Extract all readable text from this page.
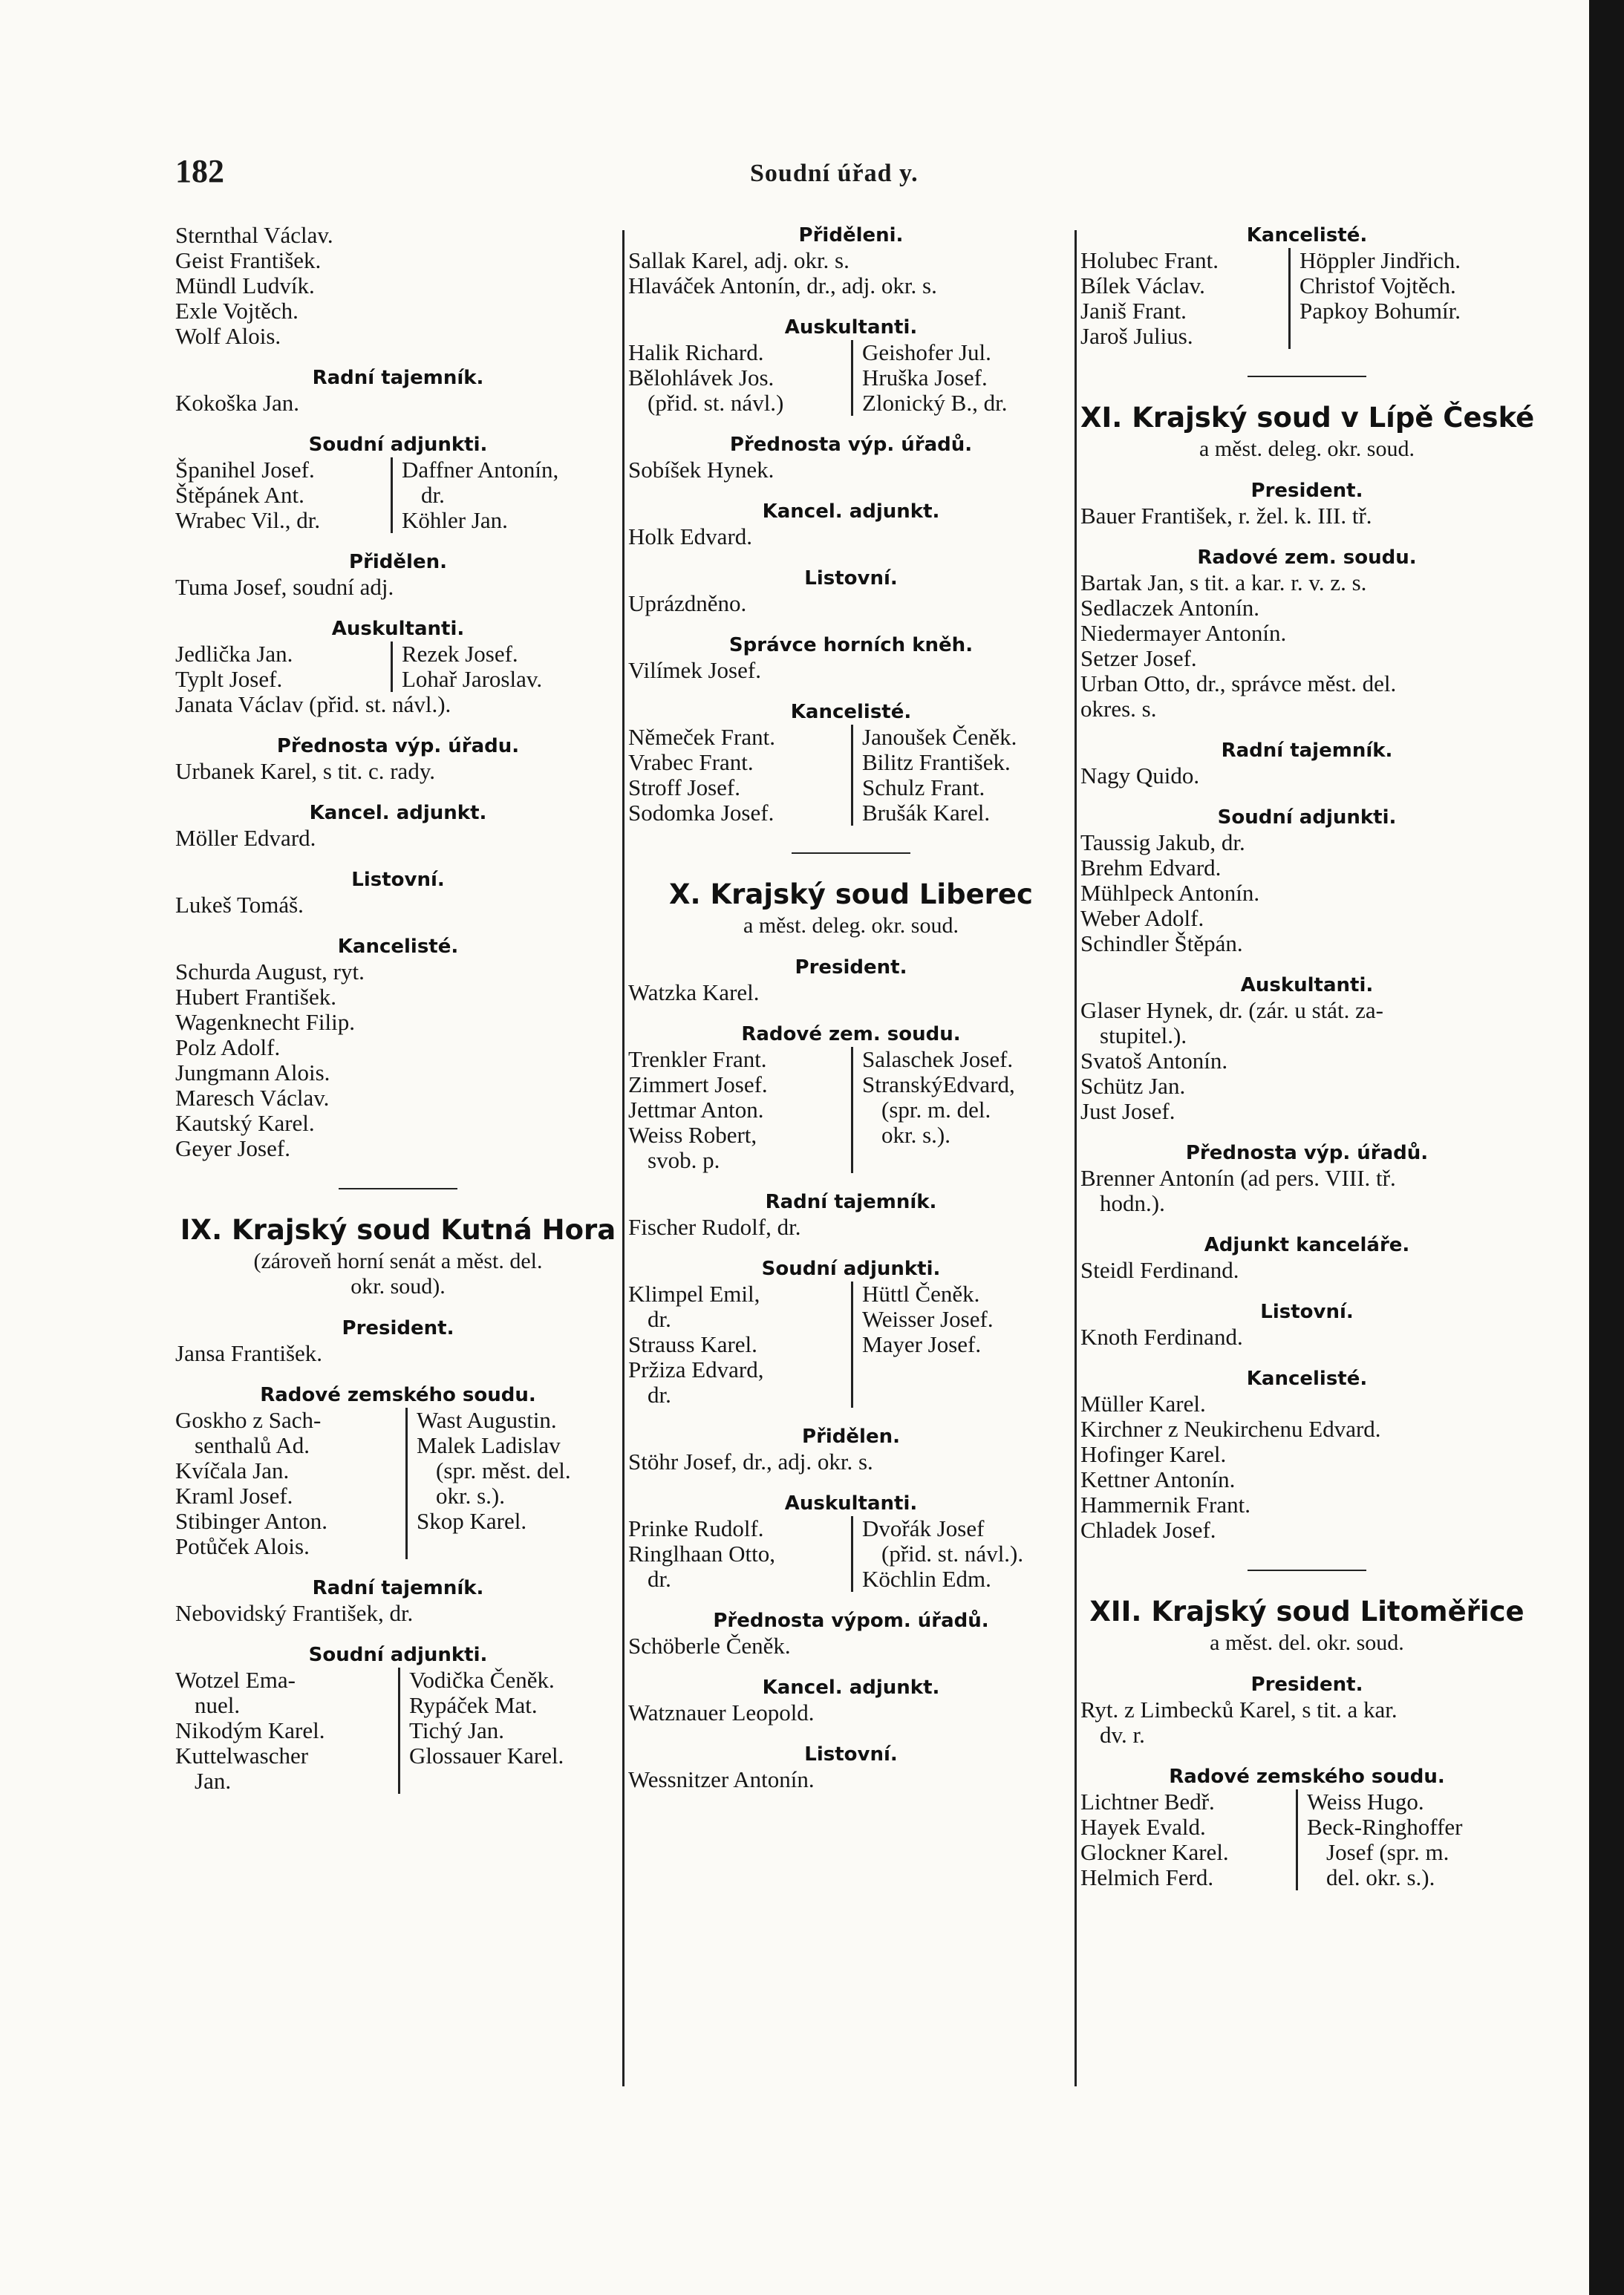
182	Soudní úřad y.
Sternthal Václav.
Geist František.
Mündl Ludvík.
Exle Vojtěch.
Wolf Alois.
Radní tajemník.
Kokoška Jan.
Soudní adjunkti.
Španihel Josef.
Štěpánek Ant.
Wrabec Vil., dr.
Daffner Antonín,
dr.
Köhler Jan.
Přidělen.
Tuma Josef, soudní adj.
Auskultanti.
Jedlička Jan.
Typlt Josef.
Rezek Josef.
Lohař Jaroslav.
Janata Václav (přid. st. návl.).
Přednosta výp. úřadu.
Urbanek Karel, s tit. c. rady.
Kancel. adjunkt.
Möller Edvard.
Listovní.
Lukeš Tomáš.
Kancelisté.
Schurda August, ryt.
Hubert František.
Wagenknecht Filip.
Polz Adolf.
Jungmann Alois.
Maresch Václav.
Kautský Karel.
Geyer Josef.
IX. Krajský soud Kutná Hora
(zároveň horní senát a měst. del.
okr. soud).
President.
Jansa František.
Radové zemského soudu.
Goskho z Sach-
senthalů Ad.
Kvíčala Jan.
Kraml Josef.
Stibinger Anton.
Potůček Alois.
Wast Augustin.
Malek Ladislav
(spr. měst. del.
okr. s.).
Skop Karel.
Radní tajemník.
Nebovidský František, dr.
Soudní adjunkti.
Wotzel Ema-
nuel.
Nikodým Karel.
Kuttelwascher
Jan.
Vodička Čeněk.
Rypáček Mat.
Tichý Jan.
Glossauer Karel.
Přiděleni.
Sallak Karel, adj. okr. s.
Hlaváček Antonín, dr., adj. okr. s.
Auskultanti.
Halik Richard.
Bělohlávek Jos.
(přid. st. návl.)
Geishofer Jul.
Hruška Josef.
Zlonický B., dr.
Přednosta výp. úřadů.
Sobíšek Hynek.
Kancel. adjunkt.
Holk Edvard.
Listovní.
Uprázdněno.
Správce horních kněh.
Vilímek Josef.
Kancelisté.
Němeček Frant.
Vrabec Frant.
Stroff Josef.
Sodomka Josef.
Janoušek Čeněk.
Bilitz František.
Schulz Frant.
Brušák Karel.
X. Krajský soud Liberec
a měst. deleg. okr. soud.
President.
Watzka Karel.
Radové zem. soudu.
Trenkler Frant.
Zimmert Josef.
Jettmar Anton.
Weiss Robert,
svob. p.
Salaschek Josef.
StranskýEdvard,
(spr. m. del.
okr. s.).
Radní tajemník.
Fischer Rudolf, dr.
Soudní adjunkti.
Klimpel Emil,
dr.
Strauss Karel.
Pržiza Edvard,
dr.
Hüttl Čeněk.
Weisser Josef.
Mayer Josef.
Přidělen.
Stöhr Josef, dr., adj. okr. s.
Auskultanti.
Prinke Rudolf.
Ringlhaan Otto,
dr.
Dvořák Josef
(přid. st. návl.).
Köchlin Edm.
Přednosta výpom. úřadů.
Schöberle Čeněk.
Kancel. adjunkt.
Watznauer Leopold.
Listovní.
Wessnitzer Antonín.
Kancelisté.
Holubec Frant.
Bílek Václav.
Janiš Frant.
Jaroš Julius.
Höppler Jindřich.
Christof Vojtěch.
Papkoy Bohumír.
XI. Krajský soud v Lípě České
a měst. deleg. okr. soud.
President.
Bauer František, r. žel. k. III. tř.
Radové zem. soudu.
Bartak Jan, s tit. a kar. r. v. z. s.
Sedlaczek Antonín.
Niedermayer Antonín.
Setzer Josef.
Urban Otto, dr., správce měst. del.
okres. s.
Radní tajemník.
Nagy Quido.
Soudní adjunkti.
Taussig Jakub, dr.
Brehm Edvard.
Mühlpeck Antonín.
Weber Adolf.
Schindler Štěpán.
Auskultanti.
Glaser Hynek, dr. (zár. u stát. za-
stupitel.).
Svatoš Antonín.
Schütz Jan.
Just Josef.
Přednosta výp. úřadů.
Brenner Antonín (ad pers. VIII. tř.
hodn.).
Adjunkt kanceláře.
Steidl Ferdinand.
Listovní.
Knoth Ferdinand.
Kancelisté.
Müller Karel.
Kirchner z Neukirchenu Edvard.
Hofinger Karel.
Kettner Antonín.
Hammernik Frant.
Chladek Josef.
XII. Krajský soud Litoměřice
a měst. del. okr. soud.
President.
Ryt. z Limbecků Karel, s tit. a kar.
dv. r.
Radové zemského soudu.
Lichtner Bedř.
Hayek Evald.
Glockner Karel.
Helmich Ferd.
Weiss Hugo.
Beck-Ringhoffer
Josef (spr. m.
del. okr. s.).
